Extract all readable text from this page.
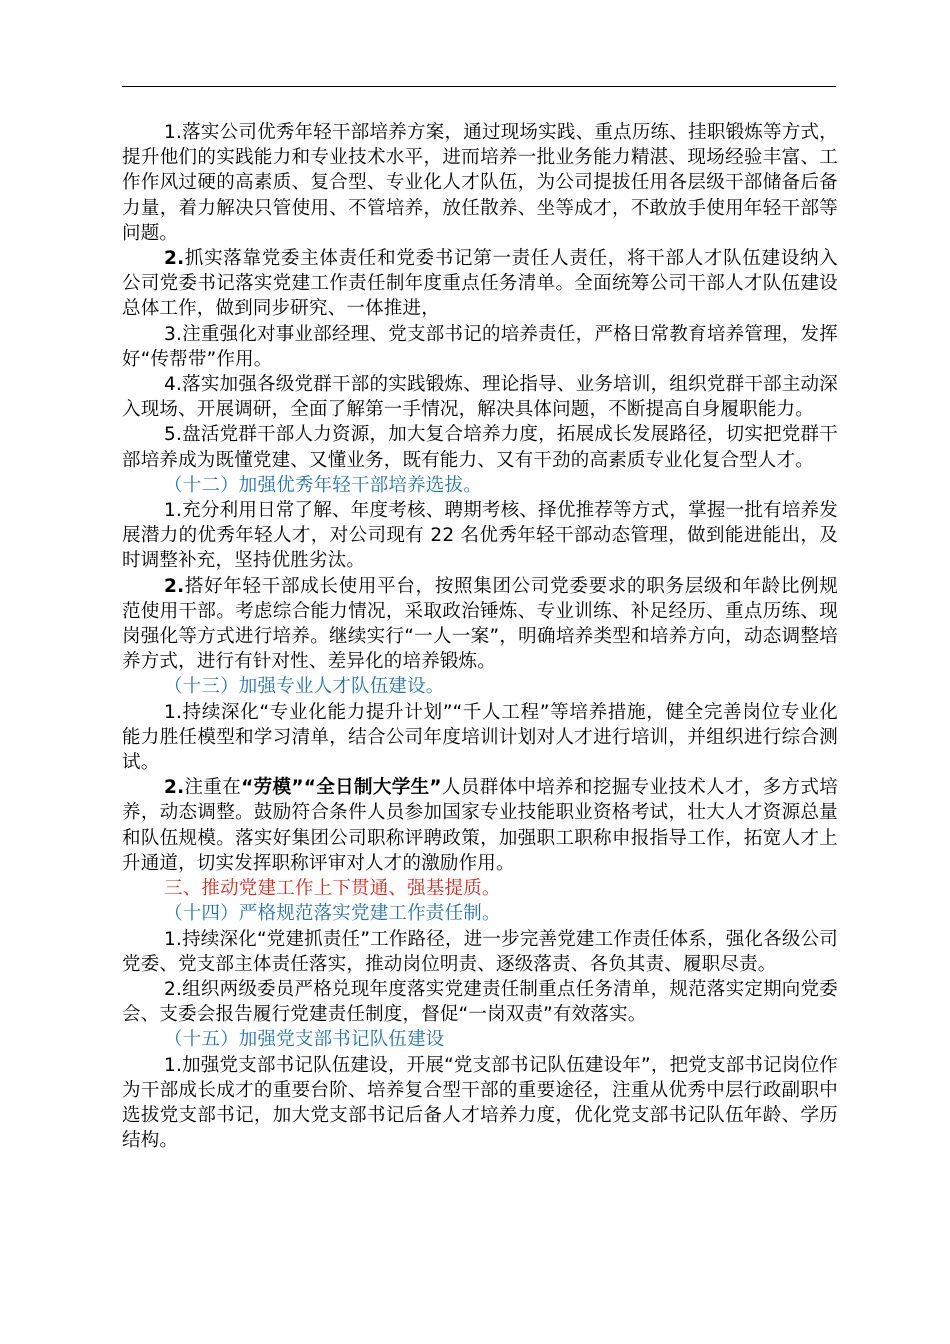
1.落实公司优秀年轻干部培养方案，通过现场实践、重点历练、挂职锻炼等方式，提升他们的实践能力和专业技术水平，进而培养一批业务能力精湛、现场经验丰富、工作作风过硬的高素质、复合型、专业化人才队伍，为公司提拔任用各层级干部储备后备力量，着力解决只管使用、不管培养，放任散养、坐等成才，不敢放手使用年轻干部等问题。

2.抓实落靠党委主体责任和党委书记第一责任人责任，将干部人才队伍建设纳入公司党委书记落实党建工作责任制年度重点任务清单。全面统筹公司干部人才队伍建设总体工作，做到同步研究、一体推进，

3.注重强化对事业部经理、党支部书记的培养责任，严格日常教育培养管理，发挥好“传帮带”作用。

4.落实加强各级党群干部的实践锻炼、理论指导、业务培训，组织党群干部主动深入现场、开展调研，全面了解第一手情况，解决具体问题，不断提高自身履职能力。

5.盘活党群干部人力资源，加大复合培养力度，拓展成长发展路径，切实把党群干部培养成为既懂党建、又懂业务，既有能力、又有干劲的高素质专业化复合型人才。

（十二）加强优秀年轻干部培养选拔。

1.充分利用日常了解、年度考核、聘期考核、择优推荐等方式，掌握一批有培养发展潜力的优秀年轻人才，对公司现有 22 名优秀年轻干部动态管理，做到能进能出，及时调整补充，坚持优胜劣汰。

2.搭好年轻干部成长使用平台，按照集团公司党委要求的职务层级和年龄比例规范使用干部。考虑综合能力情况，采取政治锤炼、专业训练、补足经历、重点历练、现岗强化等方式进行培养。继续实行“一人一案”，明确培养类型和培养方向，动态调整培养方式，进行有针对性、差异化的培养锻炼。

（十三）加强专业人才队伍建设。

1.持续深化“专业化能力提升计划”“千人工程”等培养措施，健全完善岗位专业化能力胜任模型和学习清单，结合公司年度培训计划对人才进行培训，并组织进行综合测试。

2.注重在“劳模”“全日制大学生”人员群体中培养和挖掘专业技术人才，多方式培养，动态调整。鼓励符合条件人员参加国家专业技能职业资格考试，壮大人才资源总量和队伍规模。落实好集团公司职称评聘政策，加强职工职称申报指导工作，拓宽人才上升通道，切实发挥职称评审对人才的激励作用。

三、推动党建工作上下贯通、强基提质。

（十四）严格规范落实党建工作责任制。

1.持续深化“党建抓责任”工作路径，进一步完善党建工作责任体系，强化各级公司党委、党支部主体责任落实，推动岗位明责、逐级落责、各负其责、履职尽责。

2.组织两级委员严格兑现年度落实党建责任制重点任务清单，规范落实定期向党委会、支委会报告履行党建责任制度，督促“一岗双责”有效落实。

（十五）加强党支部书记队伍建设

1.加强党支部书记队伍建设，开展“党支部书记队伍建设年”，把党支部书记岗位作为干部成长成才的重要台阶、培养复合型干部的重要途径，注重从优秀中层行政副职中选拔党支部书记，加大党支部书记后备人才培养力度，优化党支部书记队伍年龄、学历结构。
